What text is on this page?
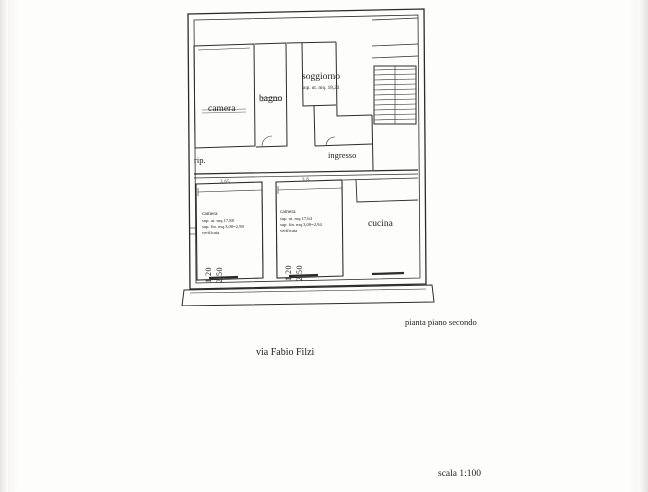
camera
bagno
soggiorno
sup. ut. mq. 18,23
rip.	ingresso
cucina
camera
sup. ut. mq.17,88
sup. fin. mq.3,00=2,98
verificata
1,20 2,50
camera
sup. ut. mq.17,64
sup. fin. mq.3,00=2,94
verificata
1,20 2,50
3,65	3,6
pianta piano secondo
via Fabio Filzi
scala 1:100
